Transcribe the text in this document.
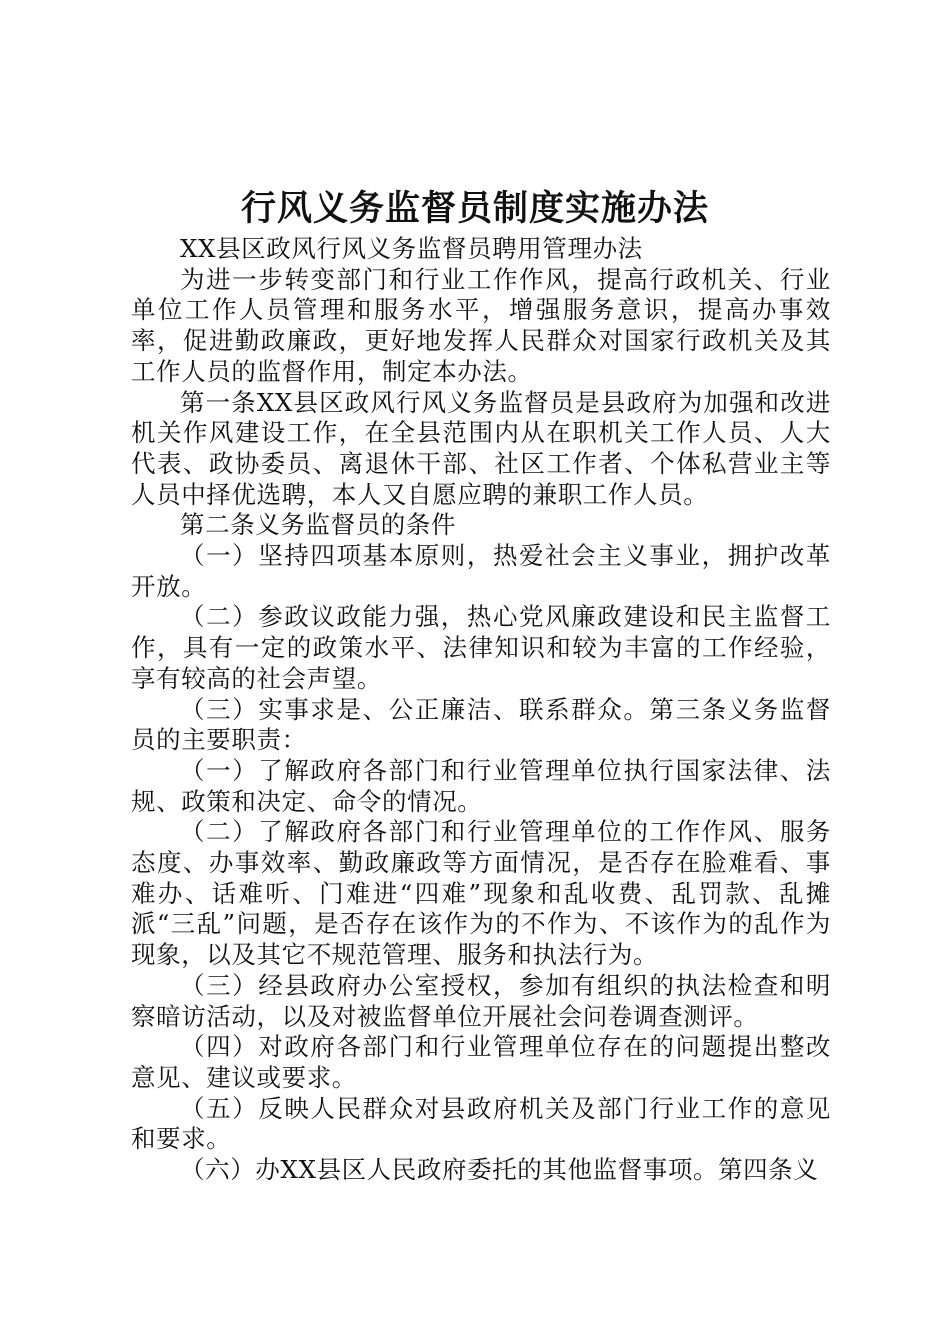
行风义务监督员制度实施办法

XX县区政风行风义务监督员聘用管理办法

为进一步转变部门和行业工作作风，提高行政机关、行业单位工作人员管理和服务水平，增强服务意识，提高办事效率，促进勤政廉政，更好地发挥人民群众对国家行政机关及其工作人员的监督作用，制定本办法。

第一条XX县区政风行风义务监督员是县政府为加强和改进机关作风建设工作，在全县范围内从在职机关工作人员、人大代表、政协委员、离退休干部、社区工作者、个体私营业主等人员中择优选聘，本人又自愿应聘的兼职工作人员。

第二条义务监督员的条件

（一）坚持四项基本原则，热爱社会主义事业，拥护改革开放。

（二）参政议政能力强，热心党风廉政建设和民主监督工作，具有一定的政策水平、法律知识和较为丰富的工作经验，享有较高的社会声望。

（三）实事求是、公正廉洁、联系群众。第三条义务监督员的主要职责：

（一）了解政府各部门和行业管理单位执行国家法律、法规、政策和决定、命令的情况。

（二）了解政府各部门和行业管理单位的工作作风、服务态度、办事效率、勤政廉政等方面情况，是否存在脸难看、事难办、话难听、门难进“四难”现象和乱收费、乱罚款、乱摊派“三乱”问题，是否存在该作为的不作为、不该作为的乱作为现象，以及其它不规范管理、服务和执法行为。

（三）经县政府办公室授权，参加有组织的执法检查和明察暗访活动，以及对被监督单位开展社会问卷调查测评。

（四）对政府各部门和行业管理单位存在的问题提出整改意见、建议或要求。

（五）反映人民群众对县政府机关及部门行业工作的意见和要求。

（六）办XX县区人民政府委托的其他监督事项。第四条义
